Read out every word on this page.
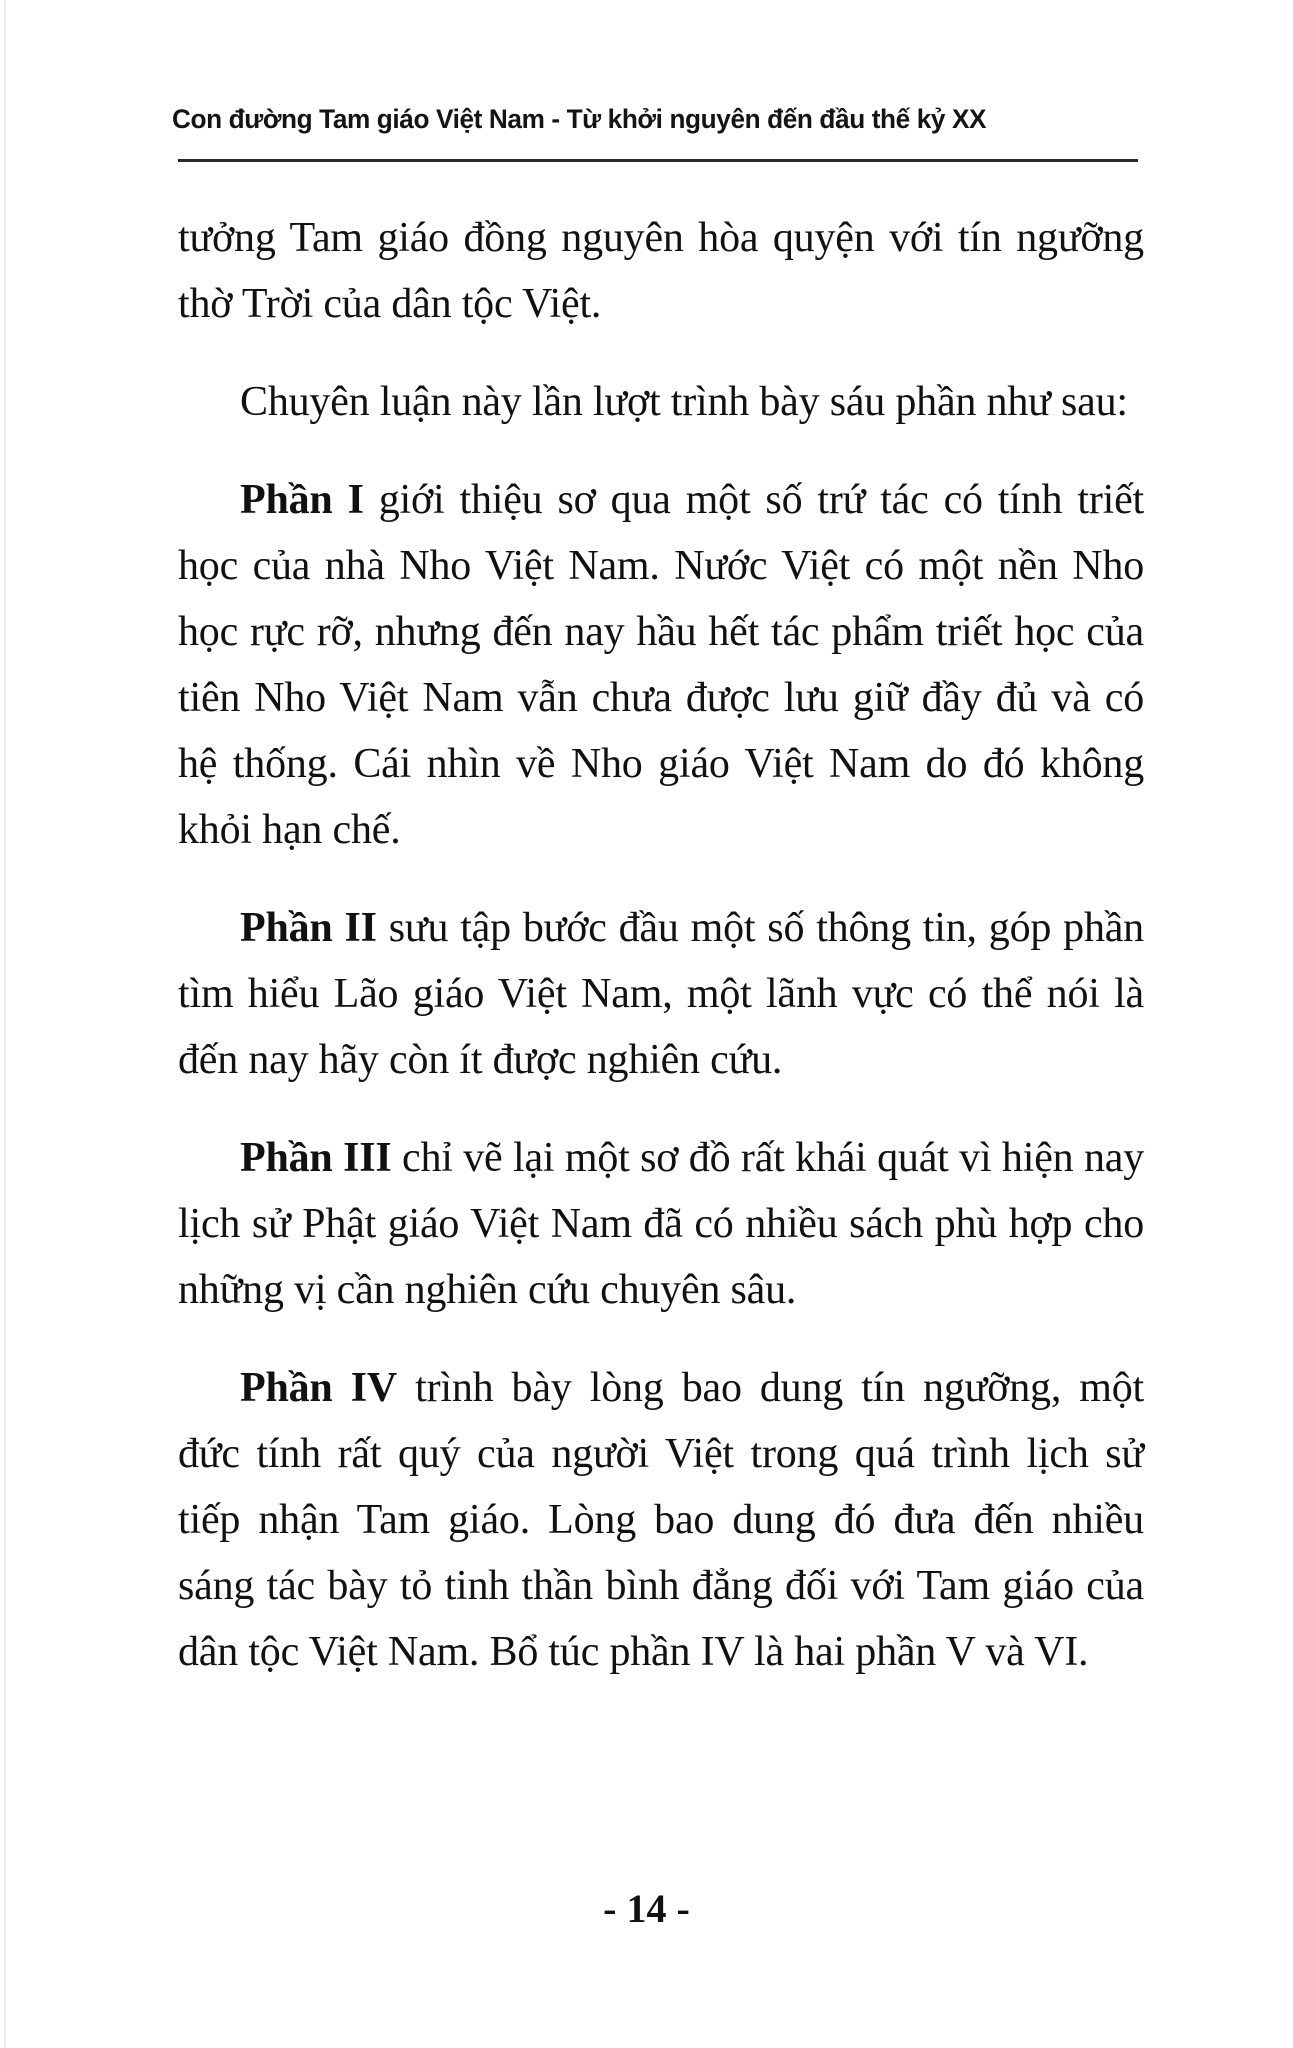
Con đường Tam giáo Việt Nam - Từ khởi nguyên đến đầu thế kỷ XX

tưởng Tam giáo đồng nguyên hòa quyện với tín ngưỡng thờ Trời của dân tộc Việt.

Chuyên luận này lần lượt trình bày sáu phần như sau:

Phần I giới thiệu sơ qua một số trứ tác có tính triết học của nhà Nho Việt Nam. Nước Việt có một nền Nho học rực rỡ, nhưng đến nay hầu hết tác phẩm triết học của tiên Nho Việt Nam vẫn chưa được lưu giữ đầy đủ và có hệ thống. Cái nhìn về Nho giáo Việt Nam do đó không khỏi hạn chế.

Phần II sưu tập bước đầu một số thông tin, góp phần tìm hiểu Lão giáo Việt Nam, một lãnh vực có thể nói là đến nay hãy còn ít được nghiên cứu.

Phần III chỉ vẽ lại một sơ đồ rất khái quát vì hiện nay lịch sử Phật giáo Việt Nam đã có nhiều sách phù hợp cho những vị cần nghiên cứu chuyên sâu.

Phần IV trình bày lòng bao dung tín ngưỡng, một đức tính rất quý của người Việt trong quá trình lịch sử tiếp nhận Tam giáo. Lòng bao dung đó đưa đến nhiều sáng tác bày tỏ tinh thần bình đẳng đối với Tam giáo của dân tộc Việt Nam. Bổ túc phần IV là hai phần V và VI.

- 14 -
